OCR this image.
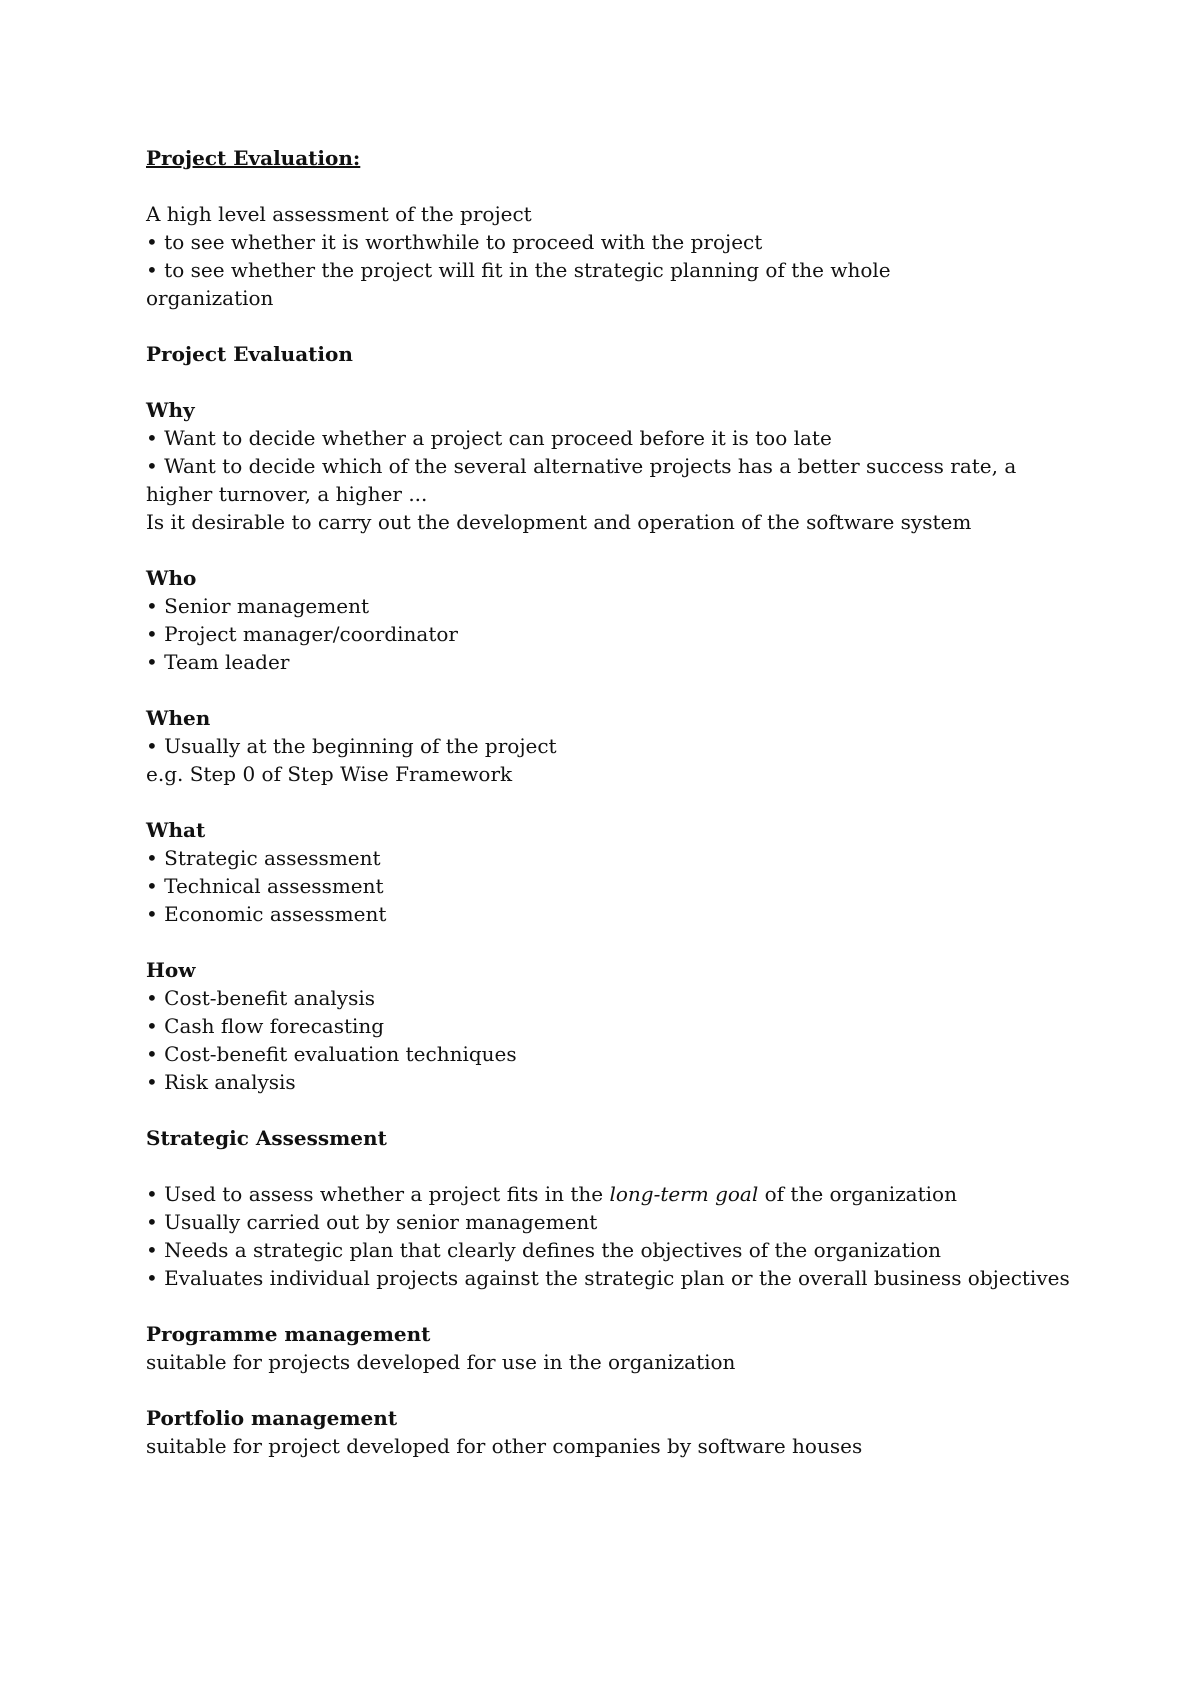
Project Evaluation:
A high level assessment of the project
• to see whether it is worthwhile to proceed with the project
• to see whether the project will fit in the strategic planning of the whole
organization
Project Evaluation
Why
• Want to decide whether a project can proceed before it is too late
• Want to decide which of the several alternative projects has a better success rate, a
higher turnover, a higher ...
Is it desirable to carry out the development and operation of the software system
Who
• Senior management
• Project manager/coordinator
• Team leader
When
• Usually at the beginning of the project
e.g. Step 0 of Step Wise Framework
What
• Strategic assessment
• Technical assessment
• Economic assessment
How
• Cost-benefit analysis
• Cash flow forecasting
• Cost-benefit evaluation techniques
• Risk analysis
Strategic Assessment
• Used to assess whether a project fits in the long-term goal of the organization
• Usually carried out by senior management
• Needs a strategic plan that clearly defines the objectives of the organization
• Evaluates individual projects against the strategic plan or the overall business objectives
Programme management
suitable for projects developed for use in the organization
Portfolio management
suitable for project developed for other companies by software houses
